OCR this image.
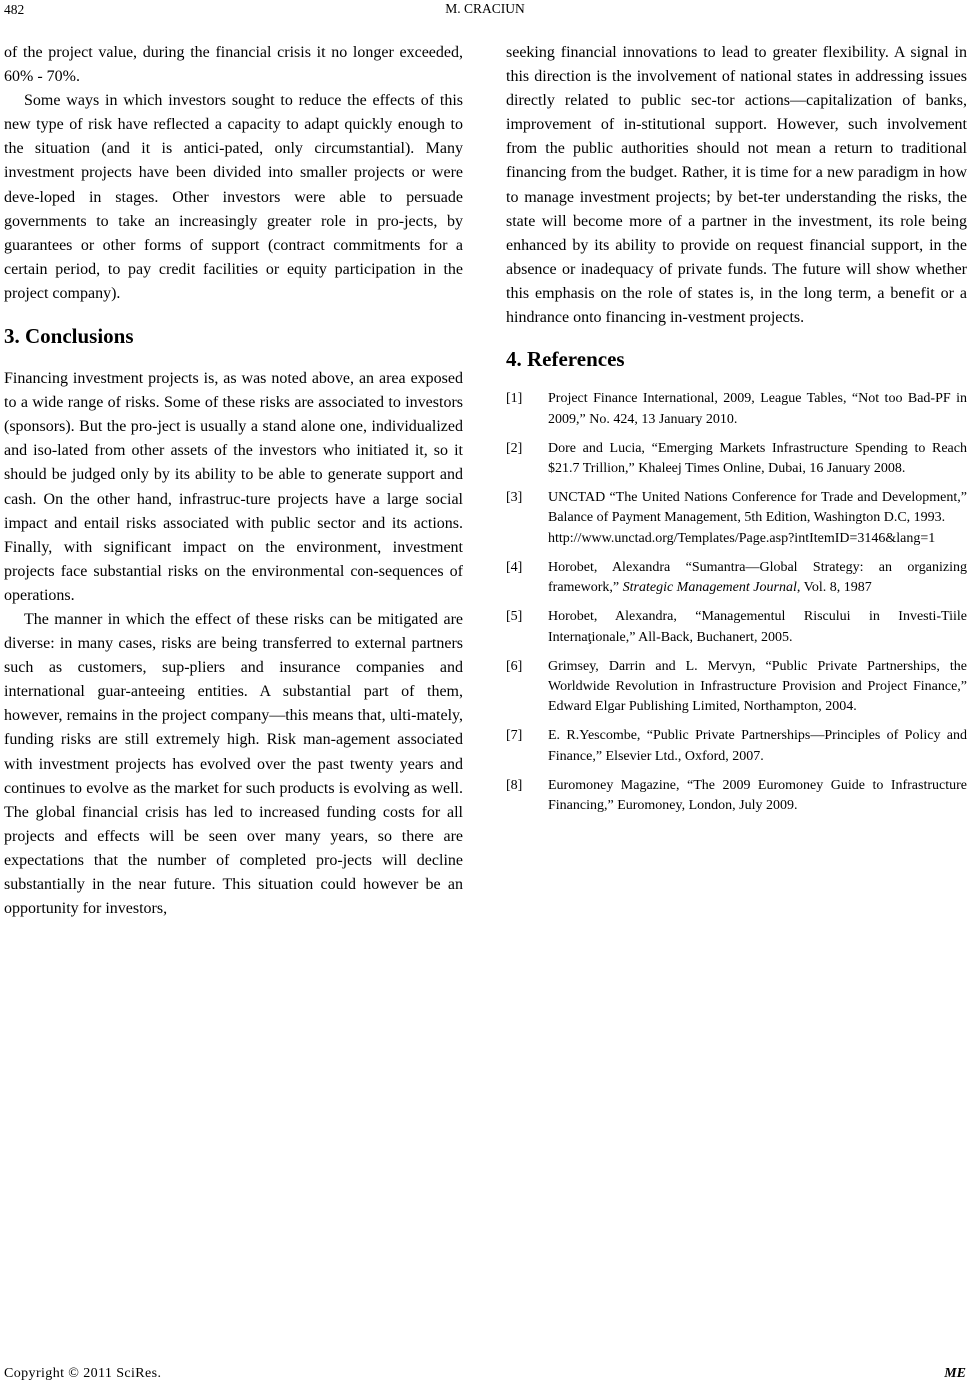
482	M. CRACIUN

of the project value, during the financial crisis it no longer exceeded, 60% - 70%.

Some ways in which investors sought to reduce the effects of this new type of risk have reflected a capacity to adapt quickly enough to the situation (and it is antici-pated, only circumstantial). Many investment projects have been divided into smaller projects or were deve-loped in stages. Other investors were able to persuade governments to take an increasingly greater role in pro-jects, by guarantees or other forms of support (contract commitments for a certain period, to pay credit facilities or equity participation in the project company).

3. Conclusions

Financing investment projects is, as was noted above, an area exposed to a wide range of risks. Some of these risks are associated to investors (sponsors). But the pro-ject is usually a stand alone one, individualized and iso-lated from other assets of the investors who initiated it, so it should be judged only by its ability to be able to generate support and cash. On the other hand, infrastruc-ture projects have a large social impact and entail risks associated with public sector and its actions. Finally, with significant impact on the environment, investment projects face substantial risks on the environmental con-sequences of operations.

The manner in which the effect of these risks can be mitigated are diverse: in many cases, risks are being transferred to external partners such as customers, sup-pliers and insurance companies and international guar-anteeing entities. A substantial part of them, however, remains in the project company—this means that, ulti-mately, funding risks are still extremely high. Risk man-agement associated with investment projects has evolved over the past twenty years and continues to evolve as the market for such products is evolving as well. The global financial crisis has led to increased funding costs for all projects and effects will be seen over many years, so there are expectations that the number of completed pro-jects will decline substantially in the near future. This situation could however be an opportunity for investors,

seeking financial innovations to lead to greater flexibility. A signal in this direction is the involvement of national states in addressing issues directly related to public sec-tor actions—capitalization of banks, improvement of in-stitutional support. However, such involvement from the public authorities should not mean a return to traditional financing from the budget. Rather, it is time for a new paradigm in how to manage investment projects; by bet-ter understanding the risks, the state will become more of a partner in the investment, its role being enhanced by its ability to provide on request financial support, in the absence or inadequacy of private funds. The future will show whether this emphasis on the role of states is, in the long term, a benefit or a hindrance onto financing in-vestment projects.

4. References
[1]	Project Finance International, 2009, League Tables, “Not too Bad-PF in 2009,” No. 424, 13 January 2010.
[2]	Dore and Lucia, “Emerging Markets Infrastructure Spending to Reach $21.7 Trillion,” Khaleej Times Online, Dubai, 16 January 2008.
[3]	UNCTAD “The United Nations Conference for Trade and Development,” Balance of Payment Management, 5th Edition, Washington D.C, 1993.
http://www.unctad.org/Templates/Page.asp?intItemID=3146&lang=1
[4]	Horobet, Alexandra “Sumantra—Global Strategy: an organizing framework,” Strategic Management Journal, Vol. 8, 1987
[5]	Horobet, Alexandra, “Managementul Riscului in Investi-Tiile Internaţionale,” All-Back, Buchanert, 2005.
[6]	Grimsey, Darrin and L. Mervyn, “Public Private Partnerships, the Worldwide Revolution in Infrastructure Provision and Project Finance,” Edward Elgar Publishing Limited, Northampton, 2004.
[7]	E. R.Yescombe, “Public Private Partnerships—Principles of Policy and Finance,” Elsevier Ltd., Oxford, 2007.
[8]	Euromoney Magazine, “The 2009 Euromoney Guide to Infrastructure Financing,” Euromoney, London, July 2009.
Copyright © 2011 SciRes.	ME
